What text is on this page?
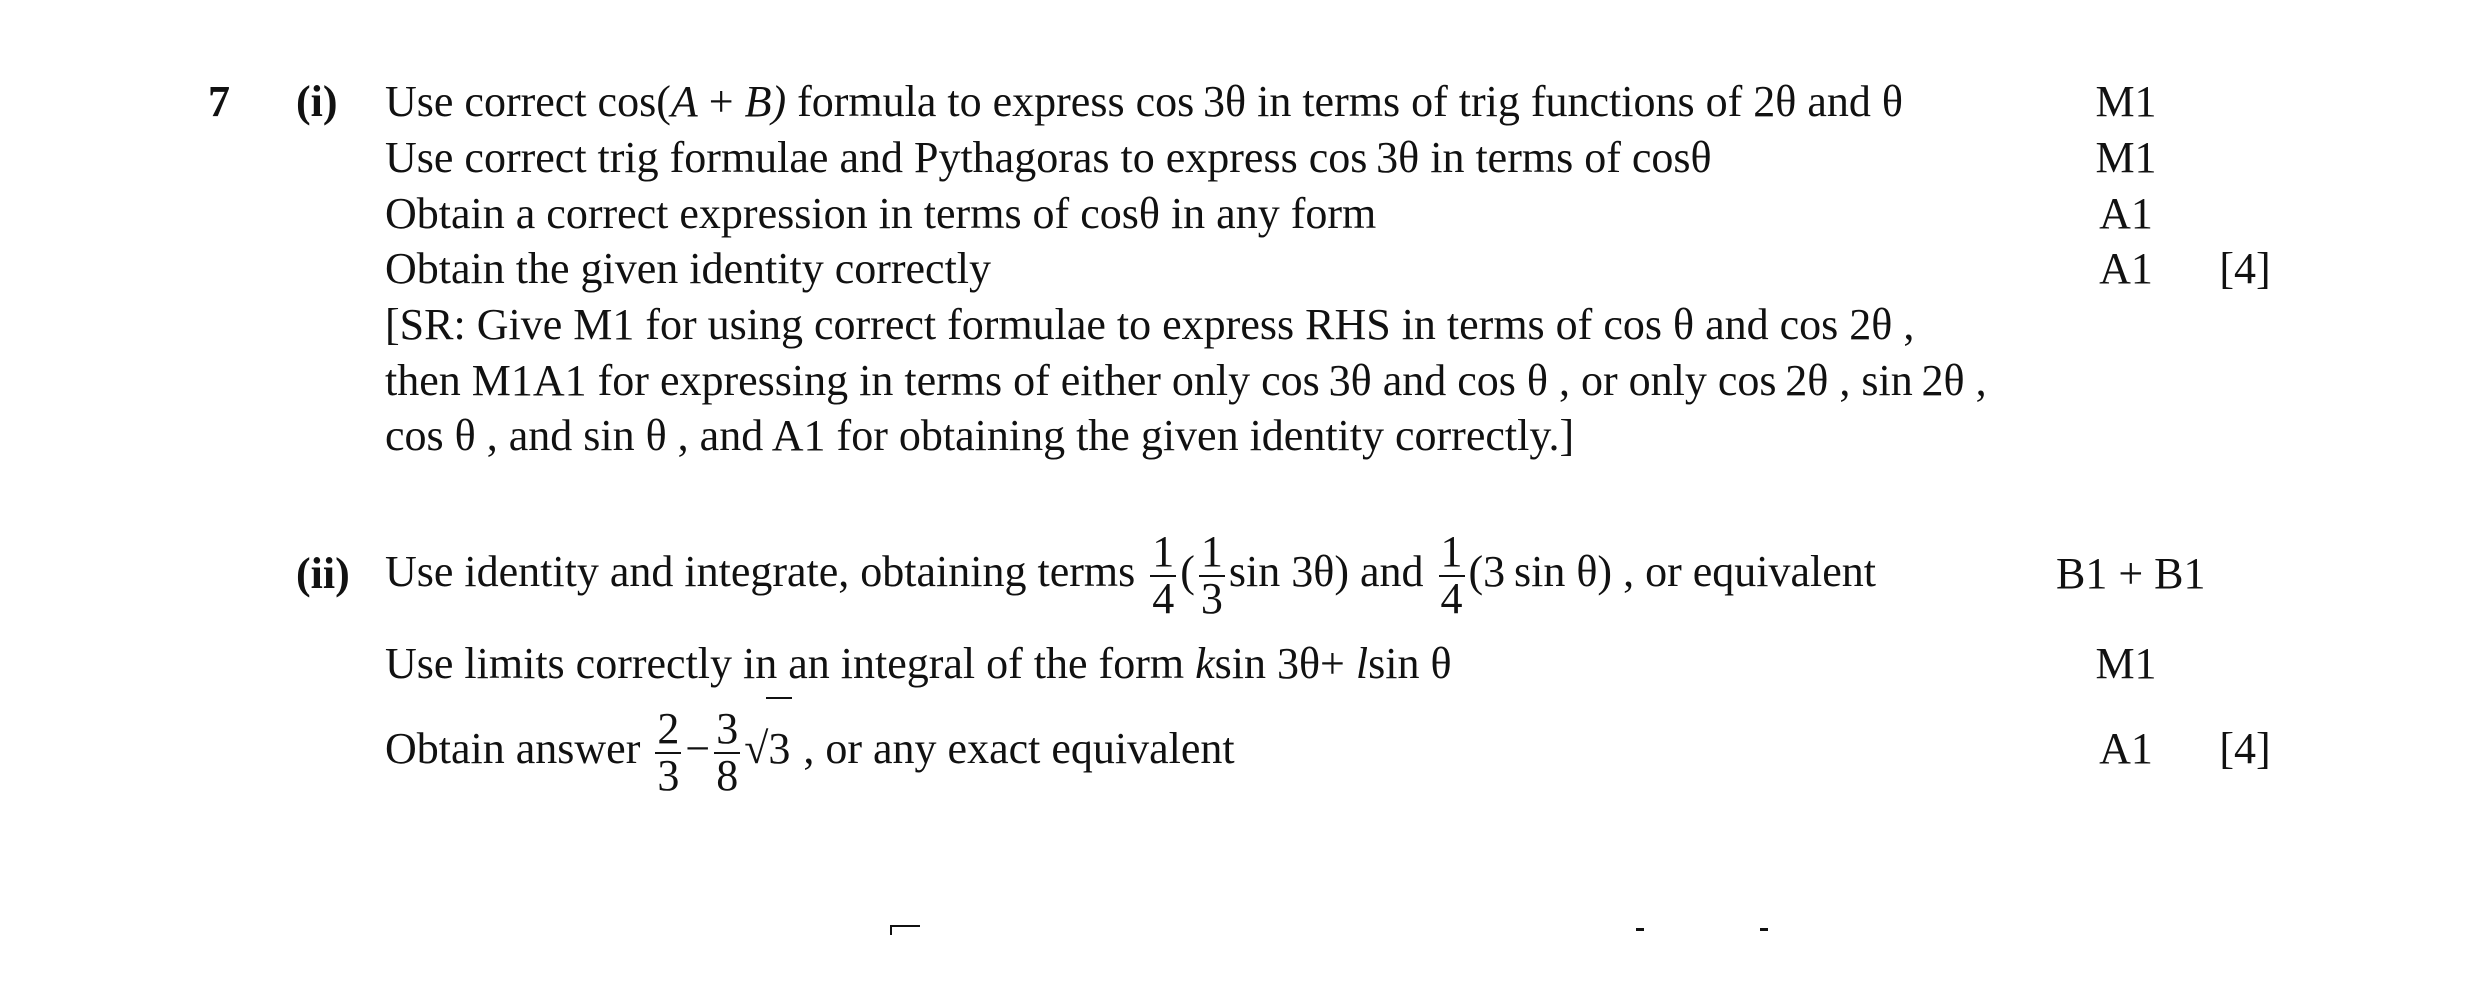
7 (i) Use correct cos(A + B) formula to express cos 3θ in terms of trig functions of 2θ and θ	M1
Use correct trig formulae and Pythagoras to express cos 3θ in terms of cosθ	M1
Obtain a correct expression in terms of cosθ in any form	A1
Obtain the given identity correctly	A1	[4]
[SR: Give M1 for using correct formulae to express RHS in terms of cos θ and cos 2θ ,
then M1A1 for expressing in terms of either only cos 3θ and cos θ , or only cos 2θ , sin 2θ ,
cos θ , and sin θ , and A1 for obtaining the given identity correctly.]
(ii) Use identity and integrate, obtaining terms $\frac{1}{4}$ ( $\frac{1}{3}$ sin 3θ) and $\frac{1}{4} (3$ sin θ) , or equivalent	B1 + B1
Use limits correctly in an integral of the form ksin 3θ+ lsin θ	M1
Obtain answer $\frac{2}{3} - \frac{3}{8} √3$ , or any exact equivalent	A1	[4]
